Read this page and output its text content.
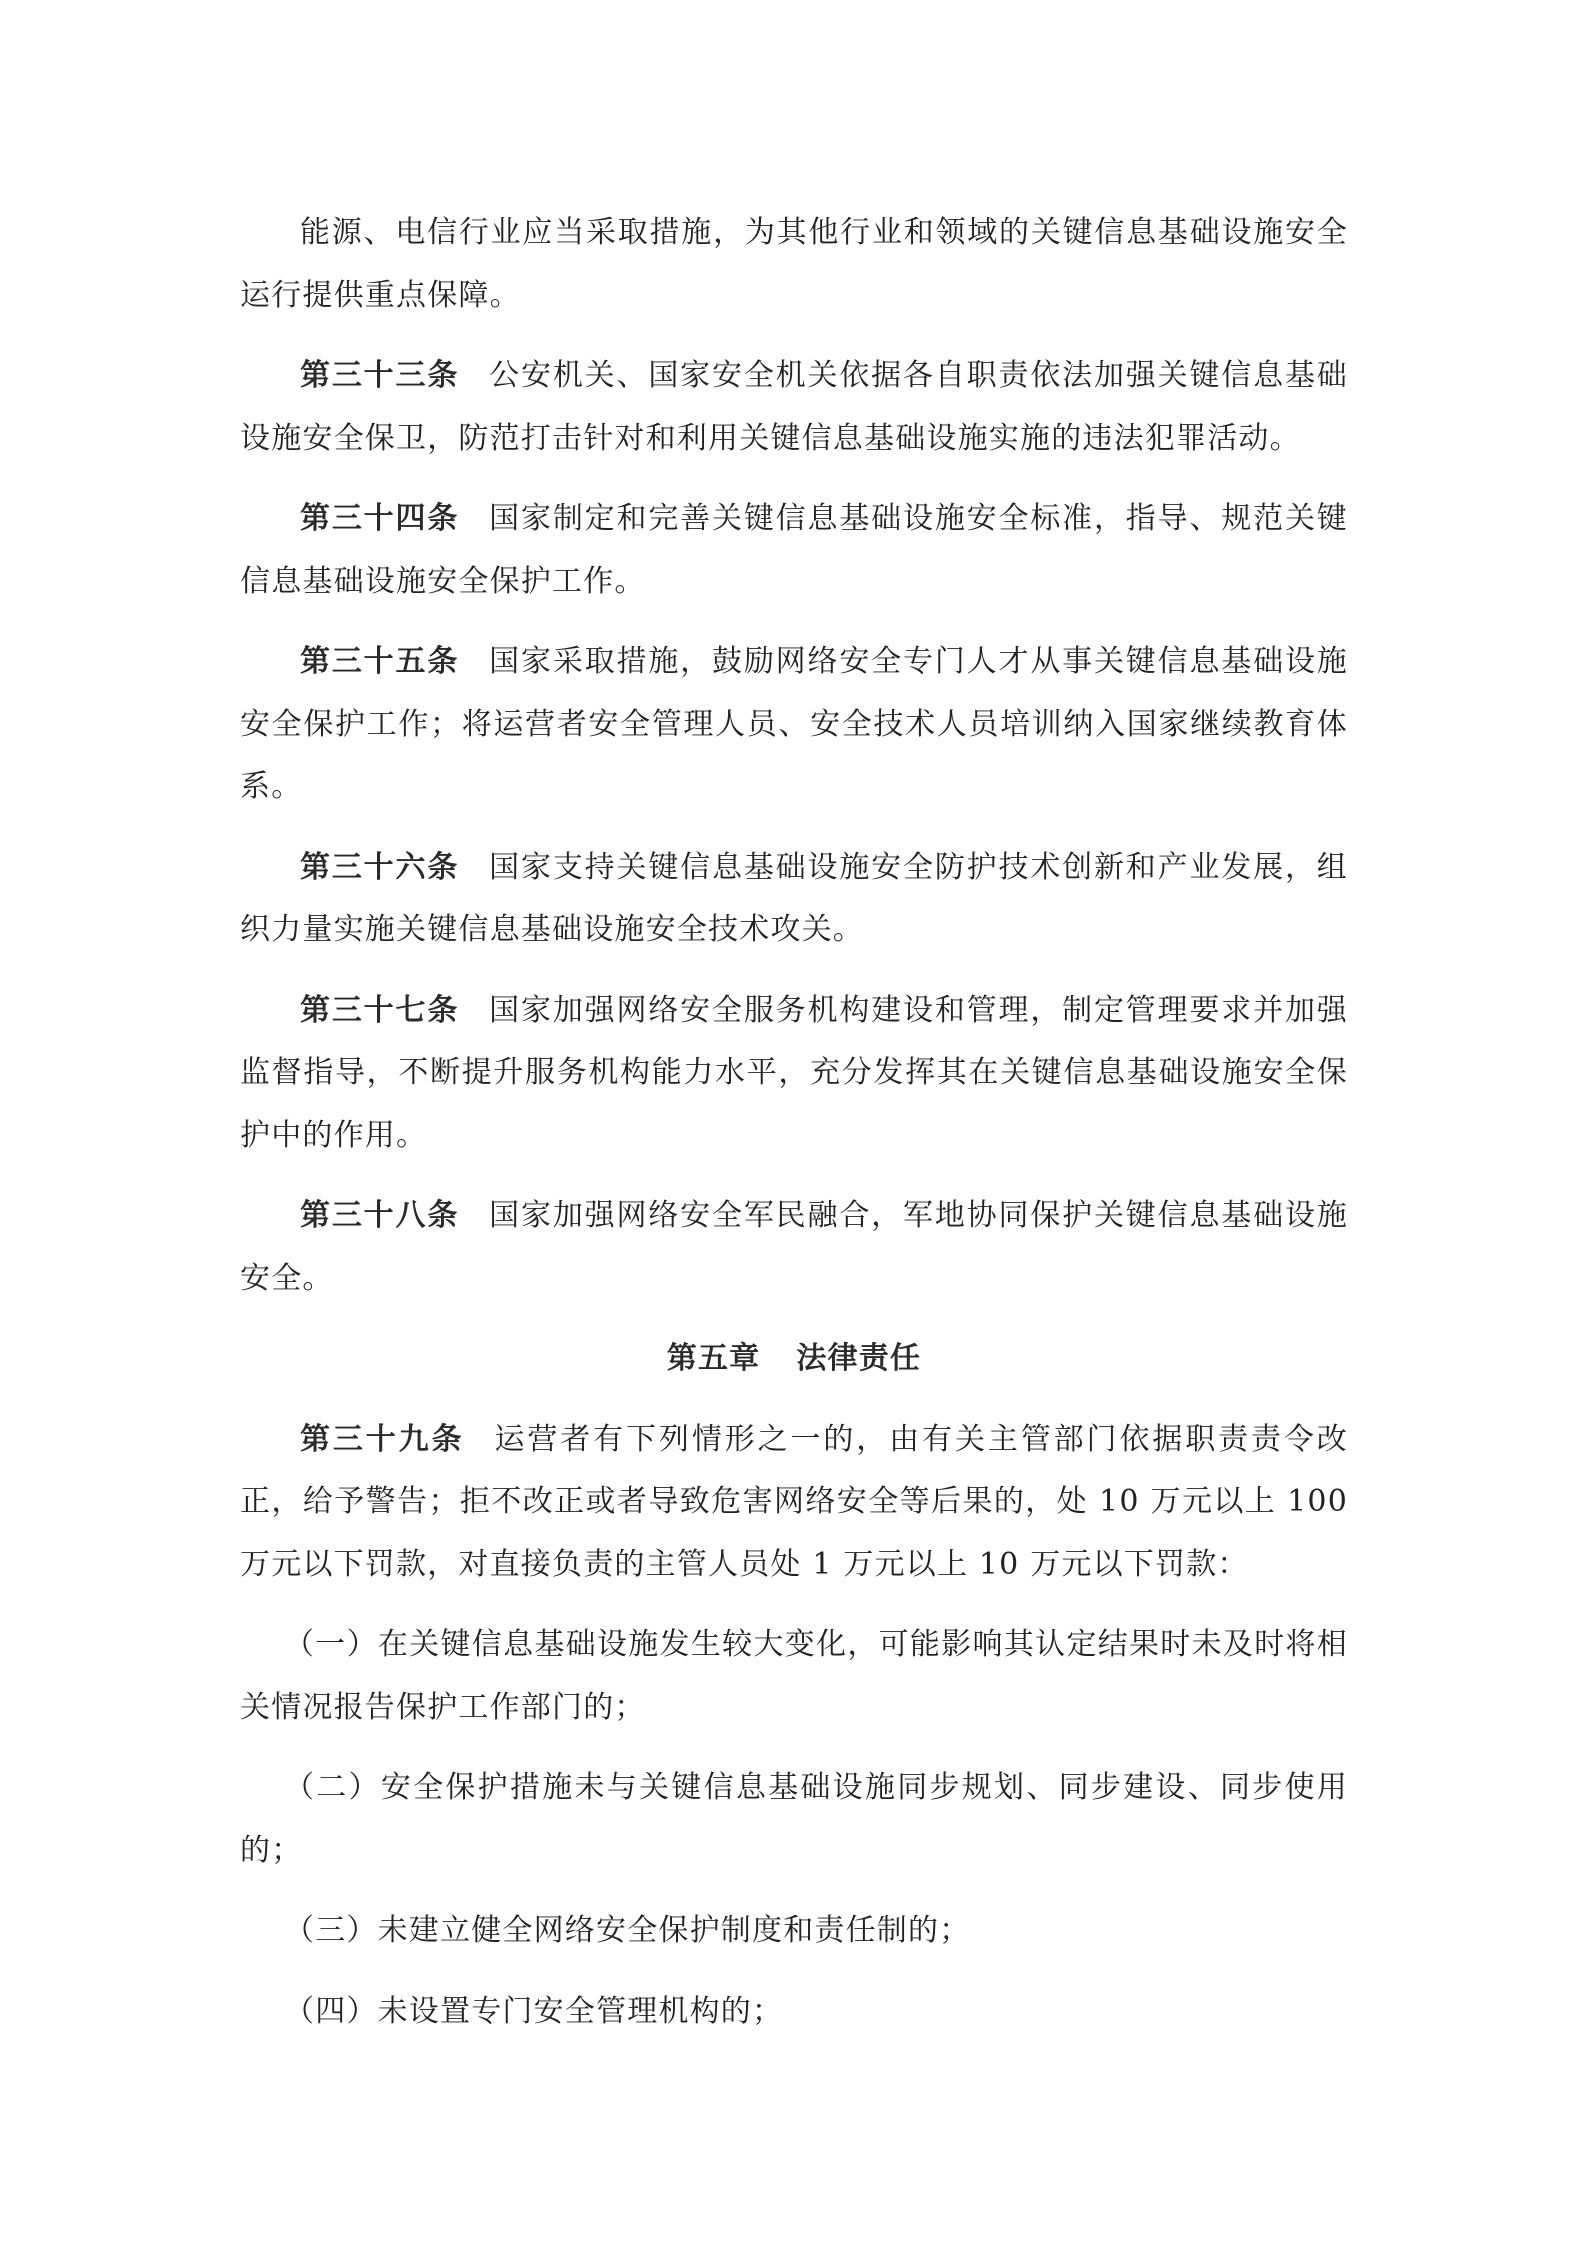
能源、电信行业应当采取措施，为其他行业和领域的关键信息基础设施安全运行提供重点保障。

第三十三条 公安机关、国家安全机关依据各自职责依法加强关键信息基础设施安全保卫，防范打击针对和利用关键信息基础设施实施的违法犯罪活动。

第三十四条 国家制定和完善关键信息基础设施安全标准，指导、规范关键信息基础设施安全保护工作。

第三十五条 国家采取措施，鼓励网络安全专门人才从事关键信息基础设施安全保护工作；将运营者安全管理人员、安全技术人员培训纳入国家继续教育体系。

第三十六条 国家支持关键信息基础设施安全防护技术创新和产业发展，组织力量实施关键信息基础设施安全技术攻关。

第三十七条 国家加强网络安全服务机构建设和管理，制定管理要求并加强监督指导，不断提升服务机构能力水平，充分发挥其在关键信息基础设施安全保护中的作用。

第三十八条 国家加强网络安全军民融合，军地协同保护关键信息基础设施安全。

第五章 法律责任

第三十九条 运营者有下列情形之一的，由有关主管部门依据职责责令改正，给予警告；拒不改正或者导致危害网络安全等后果的，处 10 万元以上 100 万元以下罚款，对直接负责的主管人员处 1 万元以上 10 万元以下罚款：

（一）在关键信息基础设施发生较大变化，可能影响其认定结果时未及时将相关情况报告保护工作部门的；

（二）安全保护措施未与关键信息基础设施同步规划、同步建设、同步使用的；

（三）未建立健全网络安全保护制度和责任制的；

（四）未设置专门安全管理机构的；
